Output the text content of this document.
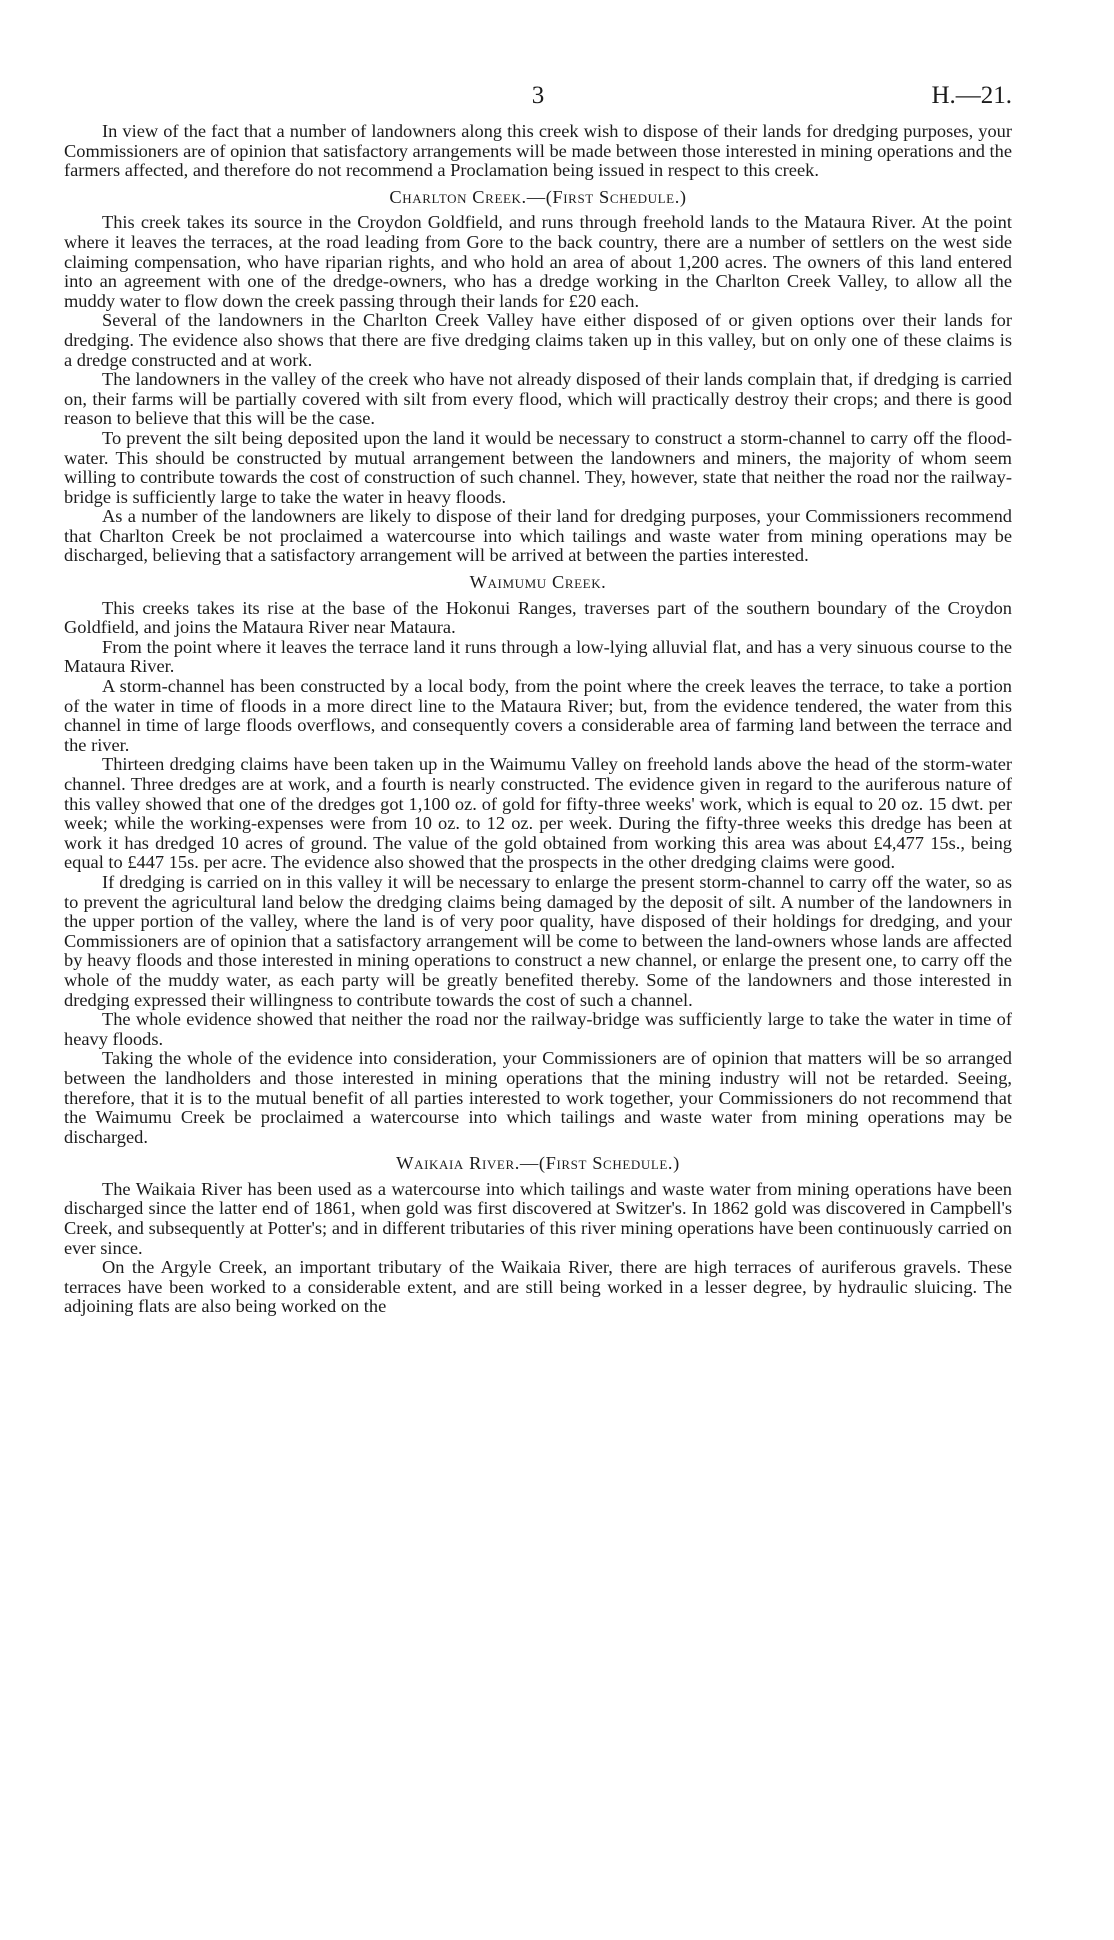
3	H.—21.

In view of the fact that a number of landowners along this creek wish to dispose of their lands for dredging purposes, your Commissioners are of opinion that satisfactory arrangements will be made between those interested in mining operations and the farmers affected, and therefore do not recommend a Proclamation being issued in respect to this creek.

Charlton Creek.—(First Schedule.)

This creek takes its source in the Croydon Goldfield, and runs through freehold lands to the Mataura River. At the point where it leaves the terraces, at the road leading from Gore to the back country, there are a number of settlers on the west side claiming compensation, who have riparian rights, and who hold an area of about 1,200 acres. The owners of this land entered into an agreement with one of the dredge-owners, who has a dredge working in the Charlton Creek Valley, to allow all the muddy water to flow down the creek passing through their lands for £20 each.

Several of the landowners in the Charlton Creek Valley have either disposed of or given options over their lands for dredging. The evidence also shows that there are five dredging claims taken up in this valley, but on only one of these claims is a dredge constructed and at work.

The landowners in the valley of the creek who have not already disposed of their lands complain that, if dredging is carried on, their farms will be partially covered with silt from every flood, which will practically destroy their crops; and there is good reason to believe that this will be the case.

To prevent the silt being deposited upon the land it would be necessary to construct a storm-channel to carry off the flood-water. This should be constructed by mutual arrangement between the landowners and miners, the majority of whom seem willing to contribute towards the cost of construction of such channel. They, however, state that neither the road nor the railway-bridge is sufficiently large to take the water in heavy floods.

As a number of the landowners are likely to dispose of their land for dredging purposes, your Commissioners recommend that Charlton Creek be not proclaimed a watercourse into which tailings and waste water from mining operations may be discharged, believing that a satisfactory arrangement will be arrived at between the parties interested.

Waimumu Creek.

This creeks takes its rise at the base of the Hokonui Ranges, traverses part of the southern boundary of the Croydon Goldfield, and joins the Mataura River near Mataura.

From the point where it leaves the terrace land it runs through a low-lying alluvial flat, and has a very sinuous course to the Mataura River.

A storm-channel has been constructed by a local body, from the point where the creek leaves the terrace, to take a portion of the water in time of floods in a more direct line to the Mataura River; but, from the evidence tendered, the water from this channel in time of large floods overflows, and consequently covers a considerable area of farming land between the terrace and the river.

Thirteen dredging claims have been taken up in the Waimumu Valley on freehold lands above the head of the storm-water channel. Three dredges are at work, and a fourth is nearly constructed. The evidence given in regard to the auriferous nature of this valley showed that one of the dredges got 1,100 oz. of gold for fifty-three weeks' work, which is equal to 20 oz. 15 dwt. per week; while the working-expenses were from 10 oz. to 12 oz. per week. During the fifty-three weeks this dredge has been at work it has dredged 10 acres of ground. The value of the gold obtained from working this area was about £4,477 15s., being equal to £447 15s. per acre. The evidence also showed that the prospects in the other dredging claims were good.

If dredging is carried on in this valley it will be necessary to enlarge the present storm-channel to carry off the water, so as to prevent the agricultural land below the dredging claims being damaged by the deposit of silt. A number of the landowners in the upper portion of the valley, where the land is of very poor quality, have disposed of their holdings for dredging, and your Commissioners are of opinion that a satisfactory arrangement will be come to between the land-owners whose lands are affected by heavy floods and those interested in mining operations to construct a new channel, or enlarge the present one, to carry off the whole of the muddy water, as each party will be greatly benefited thereby. Some of the landowners and those interested in dredging expressed their willingness to contribute towards the cost of such a channel.

The whole evidence showed that neither the road nor the railway-bridge was sufficiently large to take the water in time of heavy floods.

Taking the whole of the evidence into consideration, your Commissioners are of opinion that matters will be so arranged between the landholders and those interested in mining operations that the mining industry will not be retarded. Seeing, therefore, that it is to the mutual benefit of all parties interested to work together, your Commissioners do not recommend that the Waimumu Creek be proclaimed a watercourse into which tailings and waste water from mining operations may be discharged.

Waikaia River.—(First Schedule.)

The Waikaia River has been used as a watercourse into which tailings and waste water from mining operations have been discharged since the latter end of 1861, when gold was first discovered at Switzer's. In 1862 gold was discovered in Campbell's Creek, and subsequently at Potter's; and in different tributaries of this river mining operations have been continuously carried on ever since.

On the Argyle Creek, an important tributary of the Waikaia River, there are high terraces of auriferous gravels. These terraces have been worked to a considerable extent, and are still being worked in a lesser degree, by hydraulic sluicing. The adjoining flats are also being worked on the
